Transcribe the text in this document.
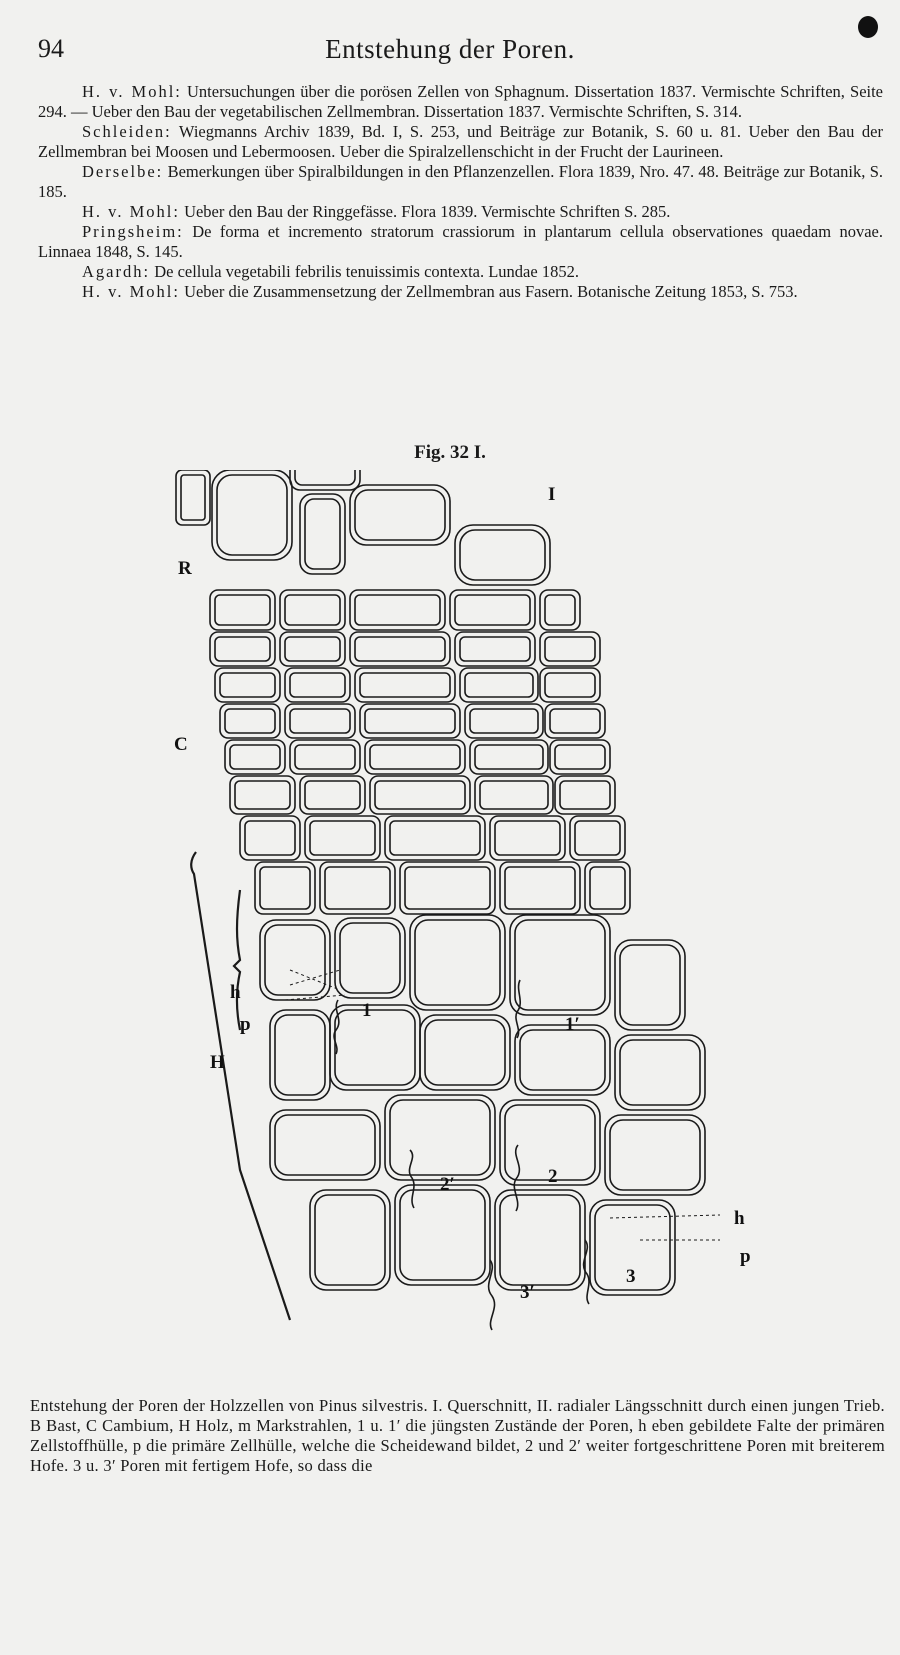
94	Entstehung der Poren.

H. v. Mohl: Untersuchungen über die porösen Zellen von Sphagnum. Dissertation 1837. Vermischte Schriften, Seite 294. — Ueber den Bau der vegetabilischen Zellmembran. Dissertation 1837. Vermischte Schriften, S. 314.

Schleiden: Wiegmanns Archiv 1839, Bd. I, S. 253, und Beiträge zur Botanik, S. 60 u. 81. Ueber den Bau der Zellmembran bei Moosen und Lebermoosen. Ueber die Spiralzellenschicht in der Frucht der Laurineen.

Derselbe: Bemerkungen über Spiralbildungen in den Pflanzenzellen. Flora 1839, Nro. 47. 48. Beiträge zur Botanik, S. 185.

H. v. Mohl: Ueber den Bau der Ringgefässe. Flora 1839. Vermischte Schriften S. 285.

Pringsheim: De forma et incremento stratorum crassiorum in plantarum cellula observationes quaedam novae. Linnaea 1848, S. 145.

Agardh: De cellula vegetabili febrilis tenuissimis contexta. Lundae 1852.

H. v. Mohl: Ueber die Zusammensetzung der Zellmembran aus Fasern. Botanische Zeitung 1853, S. 753.

Fig. 32 I.
I
R
C
h
p
H
1
1′
2′	2
3′
3
h
p
Entstehung der Poren der Holzzellen von Pinus silvestris. I. Querschnitt, II. radialer Längsschnitt durch einen jungen Trieb. B Bast, C Cambium, H Holz, m Markstrahlen, 1 u. 1′ die jüngsten Zustände der Poren, h eben gebildete Falte der primären Zellstoffhülle, p die primäre Zellhülle, welche die Scheidewand bildet, 2 und 2′ weiter fortgeschrittene Poren mit breiterem Hofe. 3 u. 3′ Poren mit fertigem Hofe, so dass die
